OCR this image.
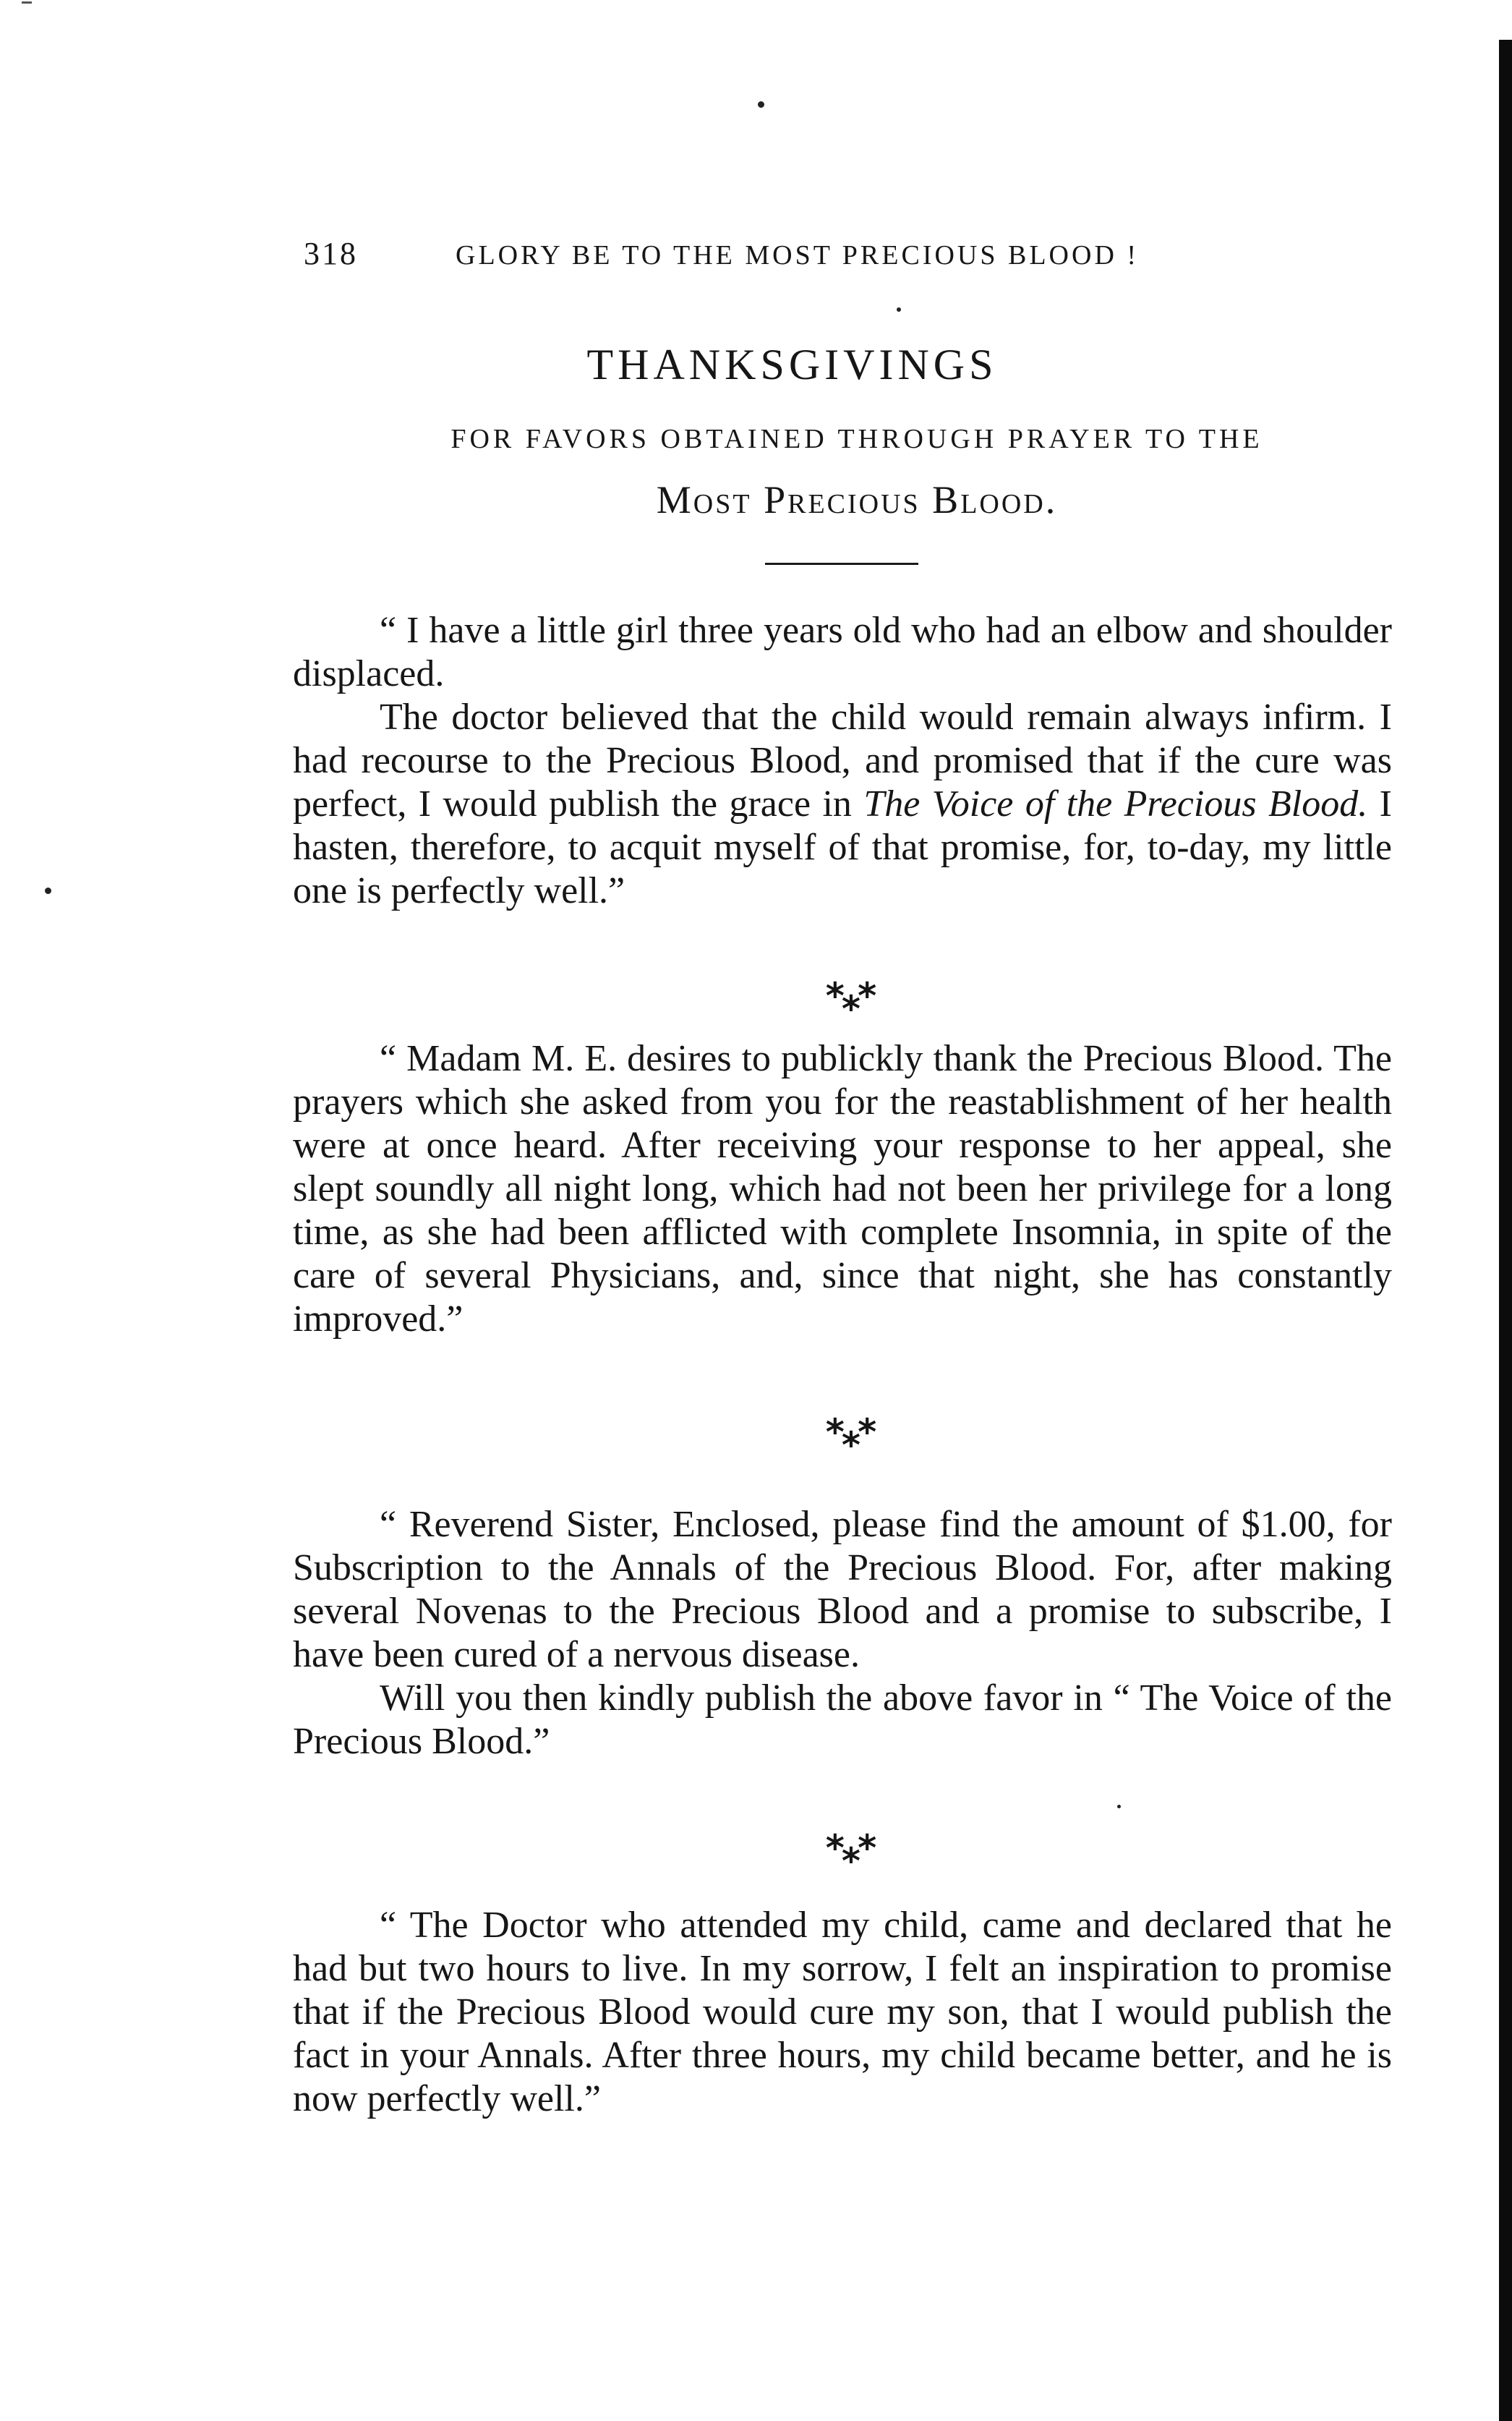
318	GLORY BE TO THE MOST PRECIOUS BLOOD !
THANKSGIVINGS
FOR FAVORS OBTAINED THROUGH PRAYER TO THE
Most Precious Blood.

“ I have a little girl three years old who had an elbow and shoulder displaced.

The doctor believed that the child would remain always infirm. I had recourse to the Precious Blood, and promised that if the cure was perfect, I would publish the grace in The Voice of the Precious Blood. I hasten, therefore, to acquit myself of that promise, for, to-day, my little one is perfectly well.”

***

“ Madam M. E. desires to publickly thank the Precious Blood. The prayers which she asked from you for the reastablishment of her health were at once heard. After receiving your response to her appeal, she slept soundly all night long, which had not been her privilege for a long time, as she had been afflicted with complete Insomnia, in spite of the care of several Physicians, and, since that night, she has constantly improved.”

***

“ Reverend Sister, Enclosed, please find the amount of $1.00, for Subscription to the Annals of the Precious Blood. For, after making several Novenas to the Precious Blood and a promise to subscribe, I have been cured of a nervous disease.

Will you then kindly publish the above favor in “ The Voice of the Precious Blood.”

***

“ The Doctor who attended my child, came and declared that he had but two hours to live. In my sorrow, I felt an inspiration to promise that if the Precious Blood would cure my son, that I would publish the fact in your Annals. After three hours, my child became better, and he is now perfectly well.”
